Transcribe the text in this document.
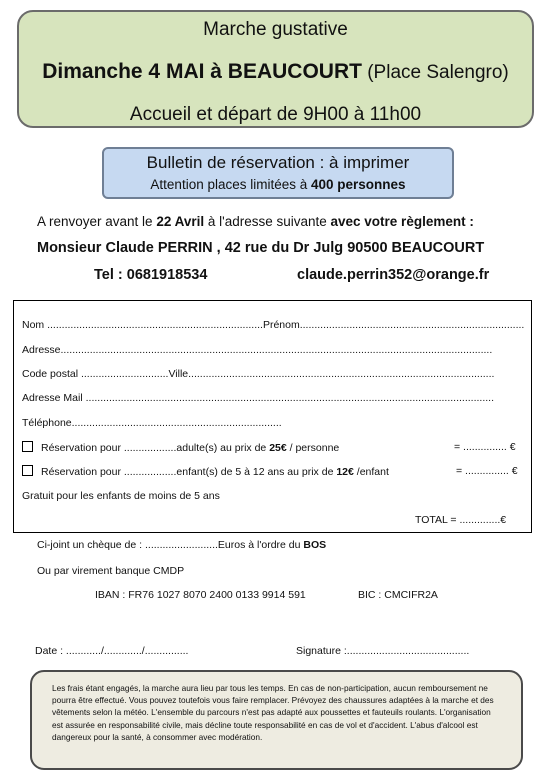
Marche gustative
Dimanche 4 MAI à BEAUCOURT (Place Salengro)
Accueil et départ de 9H00 à 11h00
Bulletin de réservation : à imprimer
Attention places limitées à 400 personnes
A renvoyer avant le 22 Avril à l'adresse suivante avec votre règlement :
Monsieur Claude PERRIN , 42 rue du Dr Julg 90500 BEAUCOURT
Tel : 0681918534	claude.perrin352@orange.fr
Nom ..........................................................................Prénom.............................................................................
Adresse....................................................................................................................................................
Code postal ..............................Ville.........................................................................................................
Adresse Mail ............................................................................................................................................
Téléphone........................................................................
Réservation pour ..................adulte(s) au prix de 25€ / personne	= ............... €
Réservation pour ..................enfant(s) de 5 à 12 ans au prix de 12€ /enfant	= ............... €
Gratuit pour les enfants de moins de 5 ans
TOTAL = ..............€
Ci-joint un chèque de : .........................Euros à l'ordre du BOS
Ou par virement banque CMDP
IBAN : FR76 1027 8070 2400 0133 9914 591	BIC : CMCIFR2A
Date : ............/............./...............	Signature :..........................................
Les frais étant engagés, la marche aura lieu par tous les temps. En cas de non-participation, aucun remboursement ne pourra être effectué. Vous pouvez toutefois vous faire remplacer. Prévoyez des chaussures adaptées à la marche et des vêtements selon la météo. L'ensemble du parcours n'est pas adapté aux poussettes et fauteuils roulants. L'organisation est assurée en responsabilité civile, mais décline toute responsabilité en cas de vol et d'accident. L'abus d'alcool est dangereux pour la santé, à consommer avec modération.
